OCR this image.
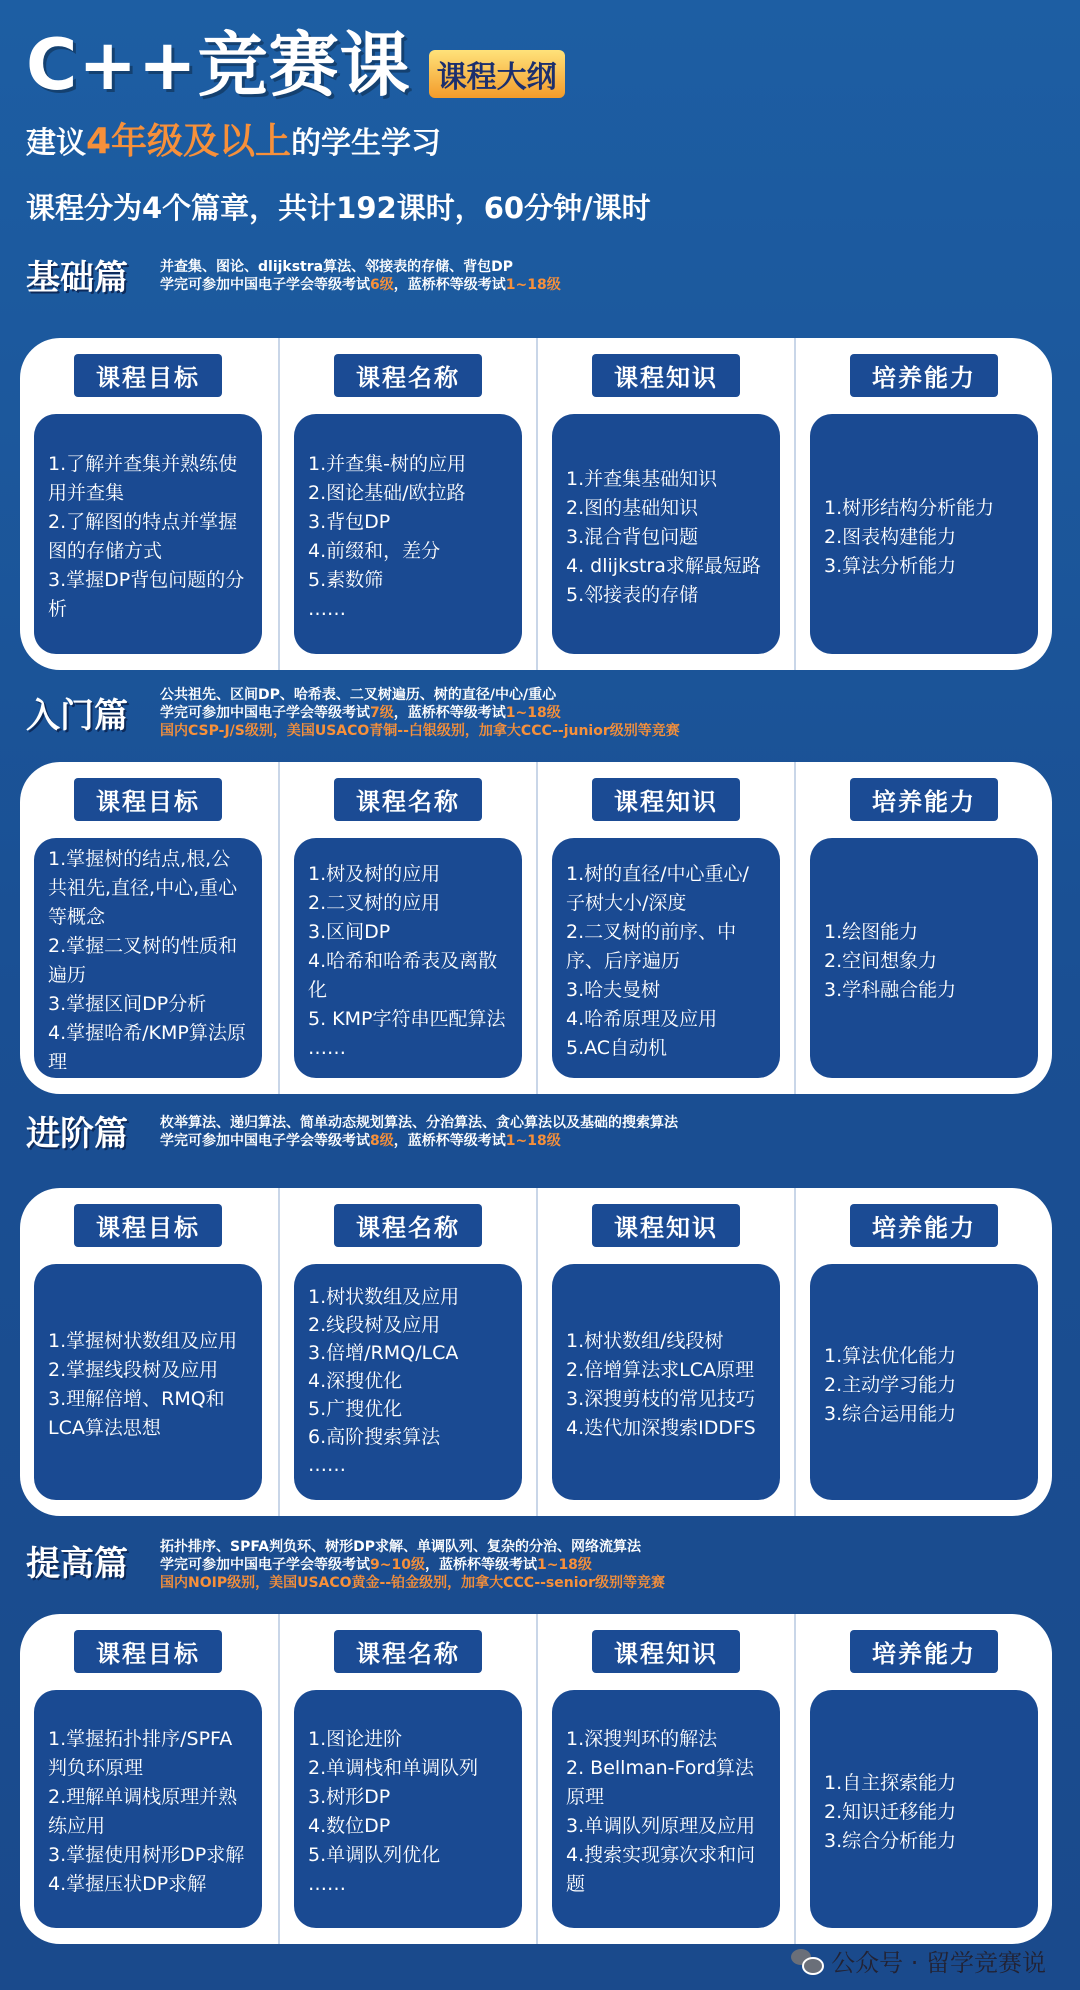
C++竞赛课 课程大纲
建议4年级及以上的学生学习
课程分为4个篇章，共计192课时，60分钟/课时
基础篇 并查集、图论、dlijkstra算法、邻接表的存储、背包DP
学完可参加中国电子学会等级考试6级，蓝桥杯等级考试1~18级
课程目标
1.了解并查集并熟练使用并查集
2.了解图的特点并掌握图的存储方式
3.掌握DP背包问题的分析
课程名称
1.并查集-树的应用
2.图论基础/欧拉路
3.背包DP
4.前缀和，差分
5.素数筛
……
课程知识
1.并查集基础知识
2.图的基础知识
3.混合背包问题
4. dlijkstra求解最短路
5.邻接表的存储
培养能力
1.树形结构分析能力
2.图表构建能力
3.算法分析能力
入门篇
公共祖先、区间DP、哈希表、二叉树遍历、树的直径/中心/重心
学完可参加中国电子学会等级考试7级，蓝桥杯等级考试1~18级
国内CSP-J/S级别，美国USACO青铜--白银级别，加拿大CCC--junior级别等竞赛
课程目标
1.掌握树的结点,根,公共祖先,直径,中心,重心等概念
2.掌握二叉树的性质和遍历
3.掌握区间DP分析
4.掌握哈希/KMP算法原理
课程名称
1.树及树的应用
2.二叉树的应用
3.区间DP
4.哈希和哈希表及离散化
5. KMP字符串匹配算法
……
课程知识
1.树的直径/中心重心/子树大小/深度
2.二叉树的前序、中序、后序遍历
3.哈夫曼树
4.哈希原理及应用
5.AC自动机
培养能力
1.绘图能力
2.空间想象力
3.学科融合能力
进阶篇 枚举算法、递归算法、简单动态规划算法、分治算法、贪心算法以及基础的搜索算法
学完可参加中国电子学会等级考试8级，蓝桥杯等级考试1~18级
课程目标
1.掌握树状数组及应用
2.掌握线段树及应用
3.理解倍增、RMQ和LCA算法思想
课程名称
1.树状数组及应用
2.线段树及应用
3.倍增/RMQ/LCA
4.深搜优化
5.广搜优化
6.高阶搜索算法
……
课程知识
1.树状数组/线段树
2.倍增算法求LCA原理
3.深搜剪枝的常见技巧
4.迭代加深搜索IDDFS
培养能力
1.算法优化能力
2.主动学习能力
3.综合运用能力
提高篇 拓扑排序、SPFA判负环、树形DP求解、单调队列、复杂的分治、网络流算法
学完可参加中国电子学会等级考试9~10级，蓝桥杯等级考试1~18级
国内NOIP级别，美国USACO黄金--铂金级别，加拿大CCC--senior级别等竞赛
课程目标
1.掌握拓扑排序/SPFA判负环原理
2.理解单调栈原理并熟练应用
3.掌握使用树形DP求解
4.掌握压状DP求解
课程名称
1.图论进阶
2.单调栈和单调队列
3.树形DP
4.数位DP
5.单调队列优化
……
课程知识
1.深搜判环的解法
2. Bellman-Ford算法原理
3.单调队列原理及应用
4.搜索实现寡次求和问题
培养能力
1.自主探索能力
2.知识迁移能力
3.综合分析能力
公众号 · 留学竞赛说
